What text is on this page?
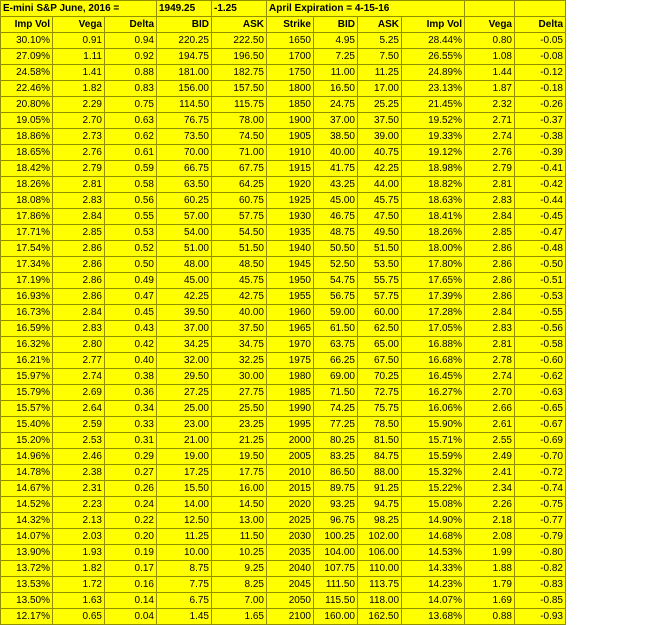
E-mini S&P June, 2016 =			1949.25	-1.25	April Expiration = 4-15-16					
Imp Vol	Vega	Delta	BID	ASK	Strike	BID	ASK	Imp Vol	Vega	Delta
30.10%	0.91	0.94	220.25	222.50	1650	4.95	5.25	28.44%	0.80	-0.05
27.09%	1.11	0.92	194.75	196.50	1700	7.25	7.50	26.55%	1.08	-0.08
24.58%	1.41	0.88	181.00	182.75	1750	11.00	11.25	24.89%	1.44	-0.12
22.46%	1.82	0.83	156.00	157.50	1800	16.50	17.00	23.13%	1.87	-0.18
20.80%	2.29	0.75	114.50	115.75	1850	24.75	25.25	21.45%	2.32	-0.26
19.05%	2.70	0.63	76.75	78.00	1900	37.00	37.50	19.52%	2.71	-0.37
18.86%	2.73	0.62	73.50	74.50	1905	38.50	39.00	19.33%	2.74	-0.38
18.65%	2.76	0.61	70.00	71.00	1910	40.00	40.75	19.12%	2.76	-0.39
18.42%	2.79	0.59	66.75	67.75	1915	41.75	42.25	18.98%	2.79	-0.41
18.26%	2.81	0.58	63.50	64.25	1920	43.25	44.00	18.82%	2.81	-0.42
18.08%	2.83	0.56	60.25	60.75	1925	45.00	45.75	18.63%	2.83	-0.44
17.86%	2.84	0.55	57.00	57.75	1930	46.75	47.50	18.41%	2.84	-0.45
17.71%	2.85	0.53	54.00	54.50	1935	48.75	49.50	18.26%	2.85	-0.47
17.54%	2.86	0.52	51.00	51.50	1940	50.50	51.50	18.00%	2.86	-0.48
17.34%	2.86	0.50	48.00	48.50	1945	52.50	53.50	17.80%	2.86	-0.50
17.19%	2.86	0.49	45.00	45.75	1950	54.75	55.75	17.65%	2.86	-0.51
16.93%	2.86	0.47	42.25	42.75	1955	56.75	57.75	17.39%	2.86	-0.53
16.73%	2.84	0.45	39.50	40.00	1960	59.00	60.00	17.28%	2.84	-0.55
16.59%	2.83	0.43	37.00	37.50	1965	61.50	62.50	17.05%	2.83	-0.56
16.32%	2.80	0.42	34.25	34.75	1970	63.75	65.00	16.88%	2.81	-0.58
16.21%	2.77	0.40	32.00	32.25	1975	66.25	67.50	16.68%	2.78	-0.60
15.97%	2.74	0.38	29.50	30.00	1980	69.00	70.25	16.45%	2.74	-0.62
15.79%	2.69	0.36	27.25	27.75	1985	71.50	72.75	16.27%	2.70	-0.63
15.57%	2.64	0.34	25.00	25.50	1990	74.25	75.75	16.06%	2.66	-0.65
15.40%	2.59	0.33	23.00	23.25	1995	77.25	78.50	15.90%	2.61	-0.67
15.20%	2.53	0.31	21.00	21.25	2000	80.25	81.50	15.71%	2.55	-0.69
14.96%	2.46	0.29	19.00	19.50	2005	83.25	84.75	15.59%	2.49	-0.70
14.78%	2.38	0.27	17.25	17.75	2010	86.50	88.00	15.32%	2.41	-0.72
14.67%	2.31	0.26	15.50	16.00	2015	89.75	91.25	15.22%	2.34	-0.74
14.52%	2.23	0.24	14.00	14.50	2020	93.25	94.75	15.08%	2.26	-0.75
14.32%	2.13	0.22	12.50	13.00	2025	96.75	98.25	14.90%	2.18	-0.77
14.07%	2.03	0.20	11.25	11.50	2030	100.25	102.00	14.68%	2.08	-0.79
13.90%	1.93	0.19	10.00	10.25	2035	104.00	106.00	14.53%	1.99	-0.80
13.72%	1.82	0.17	8.75	9.25	2040	107.75	110.00	14.33%	1.88	-0.82
13.53%	1.72	0.16	7.75	8.25	2045	111.50	113.75	14.23%	1.79	-0.83
13.50%	1.63	0.14	6.75	7.00	2050	115.50	118.00	14.07%	1.69	-0.85
12.17%	0.65	0.04	1.45	1.65	2100	160.00	162.50	13.68%	0.88	-0.93
